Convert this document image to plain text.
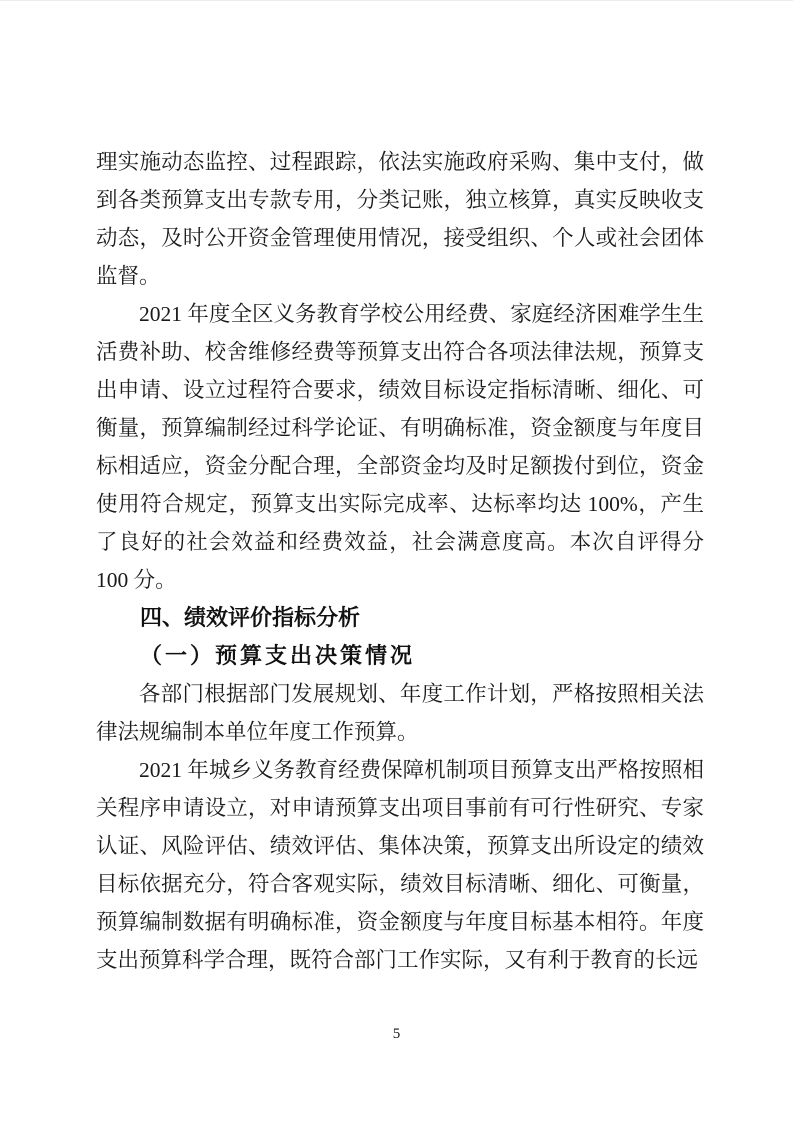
理实施动态监控、过程跟踪，依法实施政府采购、集中支付，做到各类预算支出专款专用，分类记账，独立核算，真实反映收支动态，及时公开资金管理使用情况，接受组织、个人或社会团体监督。
2021 年度全区义务教育学校公用经费、家庭经济困难学生生活费补助、校舍维修经费等预算支出符合各项法律法规，预算支出申请、设立过程符合要求，绩效目标设定指标清晰、细化、可衡量，预算编制经过科学论证、有明确标准，资金额度与年度目标相适应，资金分配合理，全部资金均及时足额拨付到位，资金使用符合规定，预算支出实际完成率、达标率均达 100%，产生了良好的社会效益和经费效益，社会满意度高。本次自评得分 100 分。
四、绩效评价指标分析
（一）预算支出决策情况
各部门根据部门发展规划、年度工作计划，严格按照相关法律法规编制本单位年度工作预算。
2021 年城乡义务教育经费保障机制项目预算支出严格按照相关程序申请设立，对申请预算支出项目事前有可行性研究、专家认证、风险评估、绩效评估、集体决策，预算支出所设定的绩效目标依据充分，符合客观实际，绩效目标清晰、细化、可衡量，预算编制数据有明确标准，资金额度与年度目标基本相符。年度支出预算科学合理，既符合部门工作实际，又有利于教育的长远
5
